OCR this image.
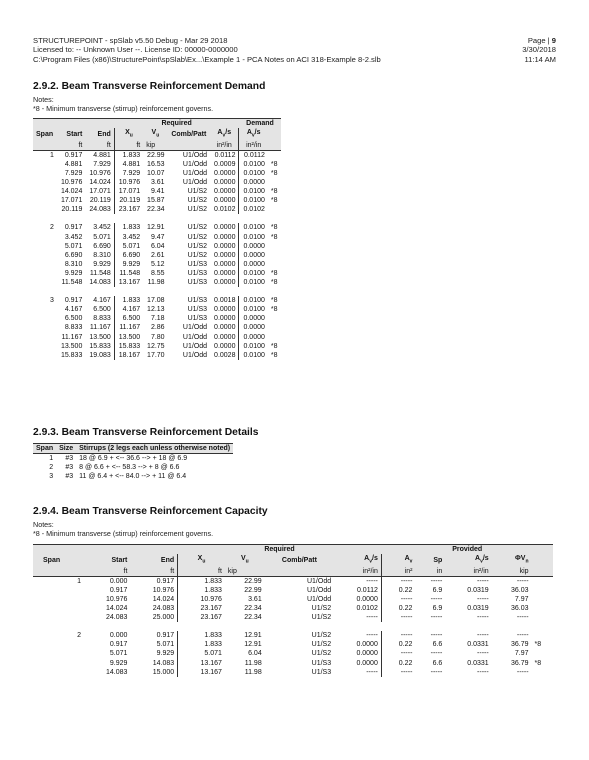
STRUCTUREPOINT - spSlab v5.50 Debug - Mar 29 2018
Licensed to: -- Unknown User --. License ID: 00000-0000000
C:\Program Files (x86)\StructurePoint\spSlab\Ex...\Example 1 - PCA Notes on ACI 318-Example 8-2.slb
Page | 9
3/30/2018
11:14 AM
2.9.2. Beam Transverse Reinforcement Demand
Notes:
*8 - Minimum transverse (stirrup) reinforcement governs.
			Required				Demand	
Span	Start	End	$X_u$	$V_u$	Comb/Patt	$A_v/s$	$A_v/s$	
	ft	ft	ft	kip		in²/in	in²/in	
1	0.917	4.881	1.833	22.99	U1/Odd	0.0112	0.0112	
	4.881	7.929	4.881	16.53	U1/Odd	0.0009	0.0100	*8
	7.929	10.976	7.929	10.07	U1/Odd	0.0000	0.0100	*8
	10.976	14.024	10.976	3.61	U1/Odd	0.0000	0.0000	
	14.024	17.071	17.071	9.41	U1/S2	0.0000	0.0100	*8
	17.071	20.119	20.119	15.87	U1/S2	0.0000	0.0100	*8
	20.119	24.083	23.167	22.34	U1/S2	0.0102	0.0102	

2	0.917	3.452	1.833	12.91	U1/S2	0.0000	0.0100	*8
	3.452	5.071	3.452	9.47	U1/S2	0.0000	0.0100	*8
	5.071	6.690	5.071	6.04	U1/S2	0.0000	0.0000	
	6.690	8.310	6.690	2.61	U1/S2	0.0000	0.0000	
	8.310	9.929	9.929	5.12	U1/S3	0.0000	0.0000	
	9.929	11.548	11.548	8.55	U1/S3	0.0000	0.0100	*8
	11.548	14.083	13.167	11.98	U1/S3	0.0000	0.0100	*8

3	0.917	4.167	1.833	17.08	U1/S3	0.0018	0.0100	*8
	4.167	6.500	4.167	12.13	U1/S3	0.0000	0.0100	*8
	6.500	8.833	6.500	7.18	U1/S3	0.0000	0.0000	
	8.833	11.167	11.167	2.86	U1/Odd	0.0000	0.0000	
	11.167	13.500	13.500	7.80	U1/Odd	0.0000	0.0000	
	13.500	15.833	15.833	12.75	U1/Odd	0.0000	0.0100	*8
	15.833	19.083	18.167	17.70	U1/Odd	0.0028	0.0100	*8
2.9.3. Beam Transverse Reinforcement Details
Span	Size	Stirrups (2 legs each unless otherwise noted)
1	#3	18 @ 6.9 + <-- 36.6 --> + 18 @ 6.9
2	#3	8 @ 6.6 + <-- 58.3 --> + 8 @ 6.6
3	#3	11 @ 6.4 + <-- 84.0 --> + 11 @ 6.4
2.9.4. Beam Transverse Reinforcement Capacity
Notes:
*8 - Minimum transverse (stirrup) reinforcement governs.
			Required				Provided				
Span	Start	End	$X_u$	$V_u$	Comb/Patt	$A_v/s$	$A_v$	Sp	$A_v/s$	$\Phi V_n$	
	ft	ft	ft	kip		in²/in	in²	in	in²/in	kip	
1	0.000	0.917	1.833	22.99	U1/Odd	-----	-----	-----	-----	-----	
	0.917	10.976	1.833	22.99	U1/Odd	0.0112	0.22	6.9	0.0319	36.03	
	10.976	14.024	10.976	3.61	U1/Odd	0.0000	-----	-----	-----	7.97	
	14.024	24.083	23.167	22.34	U1/S2	0.0102	0.22	6.9	0.0319	36.03	
	24.083	25.000	23.167	22.34	U1/S2	-----	-----	-----	-----	-----	

2	0.000	0.917	1.833	12.91	U1/S2	-----	-----	-----	-----	-----	
	0.917	5.071	1.833	12.91	U1/S2	0.0000	0.22	6.6	0.0331	36.79	*8
	5.071	9.929	5.071	6.04	U1/S2	0.0000	-----	-----	-----	7.97	
	9.929	14.083	13.167	11.98	U1/S3	0.0000	0.22	6.6	0.0331	36.79	*8
	14.083	15.000	13.167	11.98	U1/S3	-----	-----	-----	-----	-----	
